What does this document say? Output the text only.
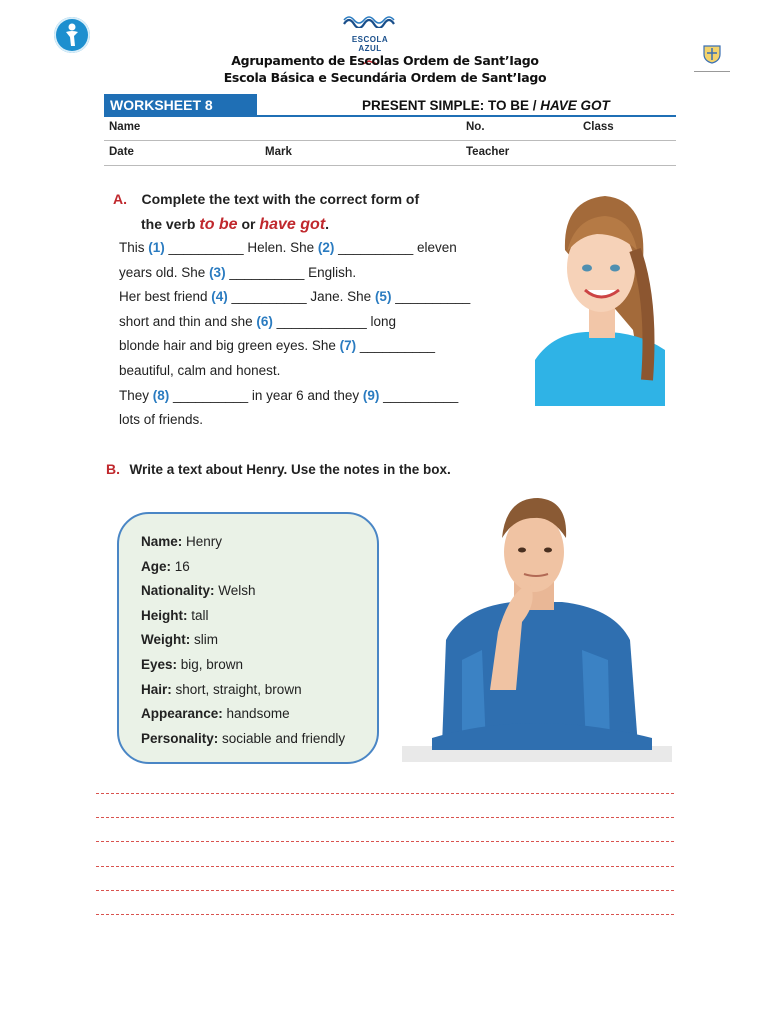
ESCOLA AZUL
Agrupamento de Escolas Ordem de Sant’Iago
Escola Básica e Secundária Ordem de Sant’Iago
WORKSHEET 8	PRESENT SIMPLE: TO BE / HAVE GOT
Name	No.	Class
Date	Mark	Teacher
A. Complete the text with the correct form of
the verb to be or have got.
This (1) __________ Helen. She (2) __________ eleven
years old. She (3) __________ English.
Her best friend (4) __________ Jane. She (5) __________
short and thin and she (6) ____________ long
blonde hair and big green eyes. She (7) __________
beautiful, calm and honest.
They (8) __________ in year 6 and they (9) __________
lots of friends.
B. Write a text about Henry. Use the notes in the box.
Name: Henry
Age: 16
Nationality: Welsh
Height: tall
Weight: slim
Eyes: big, brown
Hair: short, straight, brown
Appearance: handsome
Personality: sociable and friendly
